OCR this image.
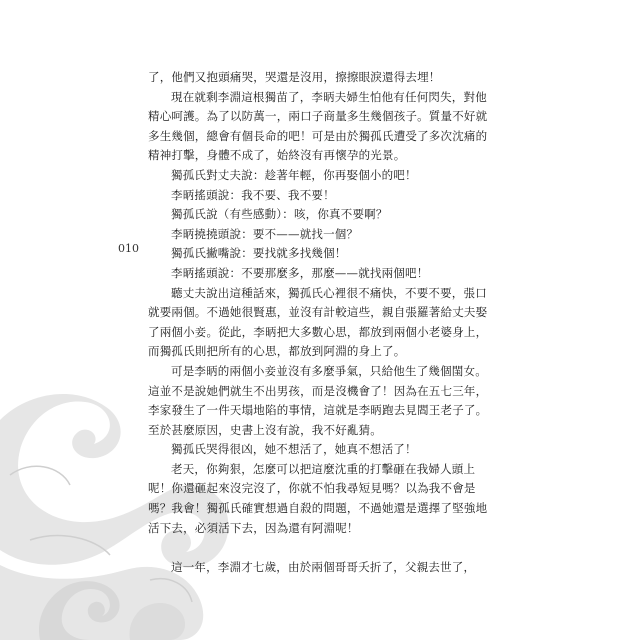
010

了，他們又抱頭痛哭，哭還是沒用，擦擦眼淚還得去埋！

現在就剩李淵這根獨苗了，李昞夫婦生怕他有任何閃失，對他精心呵護。為了以防萬一，兩口子商量多生幾個孩子。質量不好就多生幾個，總會有個長命的吧！可是由於獨孤氏遭受了多次沈痛的精神打擊，身體不成了，始終沒有再懷孕的光景。

獨孤氏對丈夫說：趁著年輕，你再娶個小的吧！

李昞搖頭說：我不要、我不要！

獨孤氏說（有些感動）：咳，你真不要啊？

李昞撓撓頭說：要不——就找一個？

獨孤氏撇嘴說：要找就多找幾個！

李昞搖頭說：不要那麼多，那麼——就找兩個吧！

聽丈夫說出這種話來，獨孤氏心裡很不痛快，不要不要，張口就要兩個。不過她很賢惠，並沒有計較這些，親自張羅著給丈夫娶了兩個小妾。從此，李昞把大多數心思，都放到兩個小老婆身上，而獨孤氏則把所有的心思，都放到阿淵的身上了。

可是李昞的兩個小妾並沒有多麼爭氣，只給他生了幾個閨女。這並不是說她們就生不出男孩，而是沒機會了！因為在五七三年，李家發生了一件天塌地陷的事情，這就是李昞跑去見閻王老子了。至於甚麼原因，史書上沒有說，我不好亂猜。

獨孤氏哭得很凶，她不想活了，她真不想活了！

老天，你夠狠，怎麼可以把這麼沈重的打擊砸在我婦人頭上呢！你還砸起來沒完沒了，你就不怕我尋短見嗎？以為我不會是嗎？我會！獨孤氏確實想過自殺的問題，不過她還是選擇了堅強地活下去，必須活下去，因為還有阿淵呢！

這一年，李淵才七歲，由於兩個哥哥夭折了，父親去世了，
